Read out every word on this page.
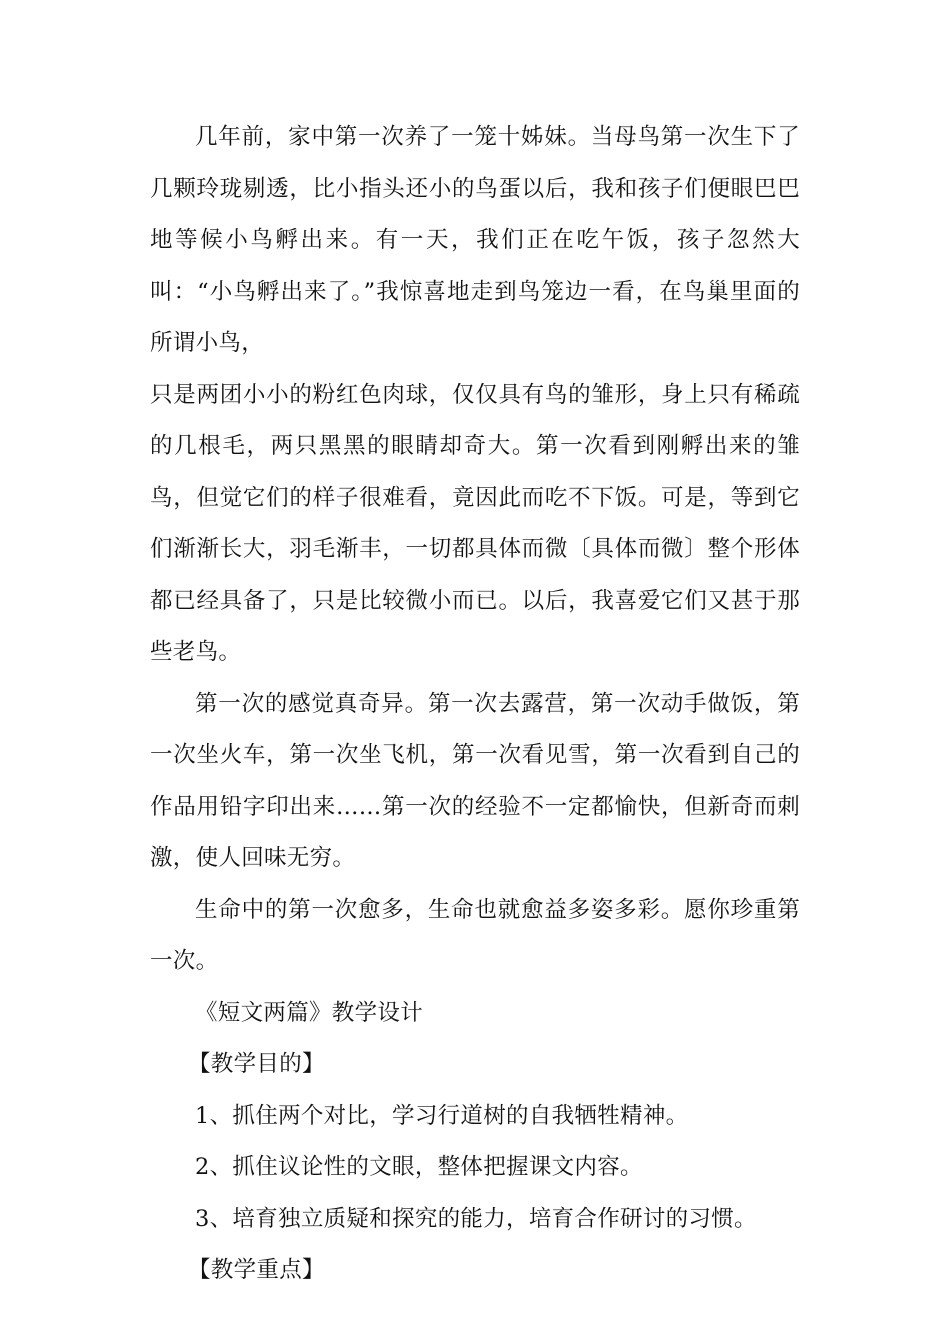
几年前，家中第一次养了一笼十姊妹。当母鸟第一次生下了几颗玲珑剔透，比小指头还小的鸟蛋以后，我和孩子们便眼巴巴地等候小鸟孵出来。有一天，我们正在吃午饭，孩子忽然大叫：“小鸟孵出来了。”我惊喜地走到鸟笼边一看，在鸟巢里面的所谓小鸟，
只是两团小小的粉红色肉球，仅仅具有鸟的雏形，身上只有稀疏的几根毛，两只黑黑的眼睛却奇大。第一次看到刚孵出来的雏鸟，但觉它们的样子很难看，竟因此而吃不下饭。可是，等到它们渐渐长大，羽毛渐丰，一切都具体而微〔具体而微〕整个形体都已经具备了，只是比较微小而已。以后，我喜爱它们又甚于那些老鸟。

第一次的感觉真奇异。第一次去露营，第一次动手做饭，第一次坐火车，第一次坐飞机，第一次看见雪，第一次看到自己的作品用铅字印出来……第一次的经验不一定都愉快，但新奇而刺激，使人回味无穷。

生命中的第一次愈多，生命也就愈益多姿多彩。愿你珍重第一次。

《短文两篇》教学设计

【教学目的】

1、抓住两个对比，学习行道树的自我牺牲精神。

2、抓住议论性的文眼，整体把握课文内容。

3、培育独立质疑和探究的能力，培育合作研讨的习惯。

【教学重点】
